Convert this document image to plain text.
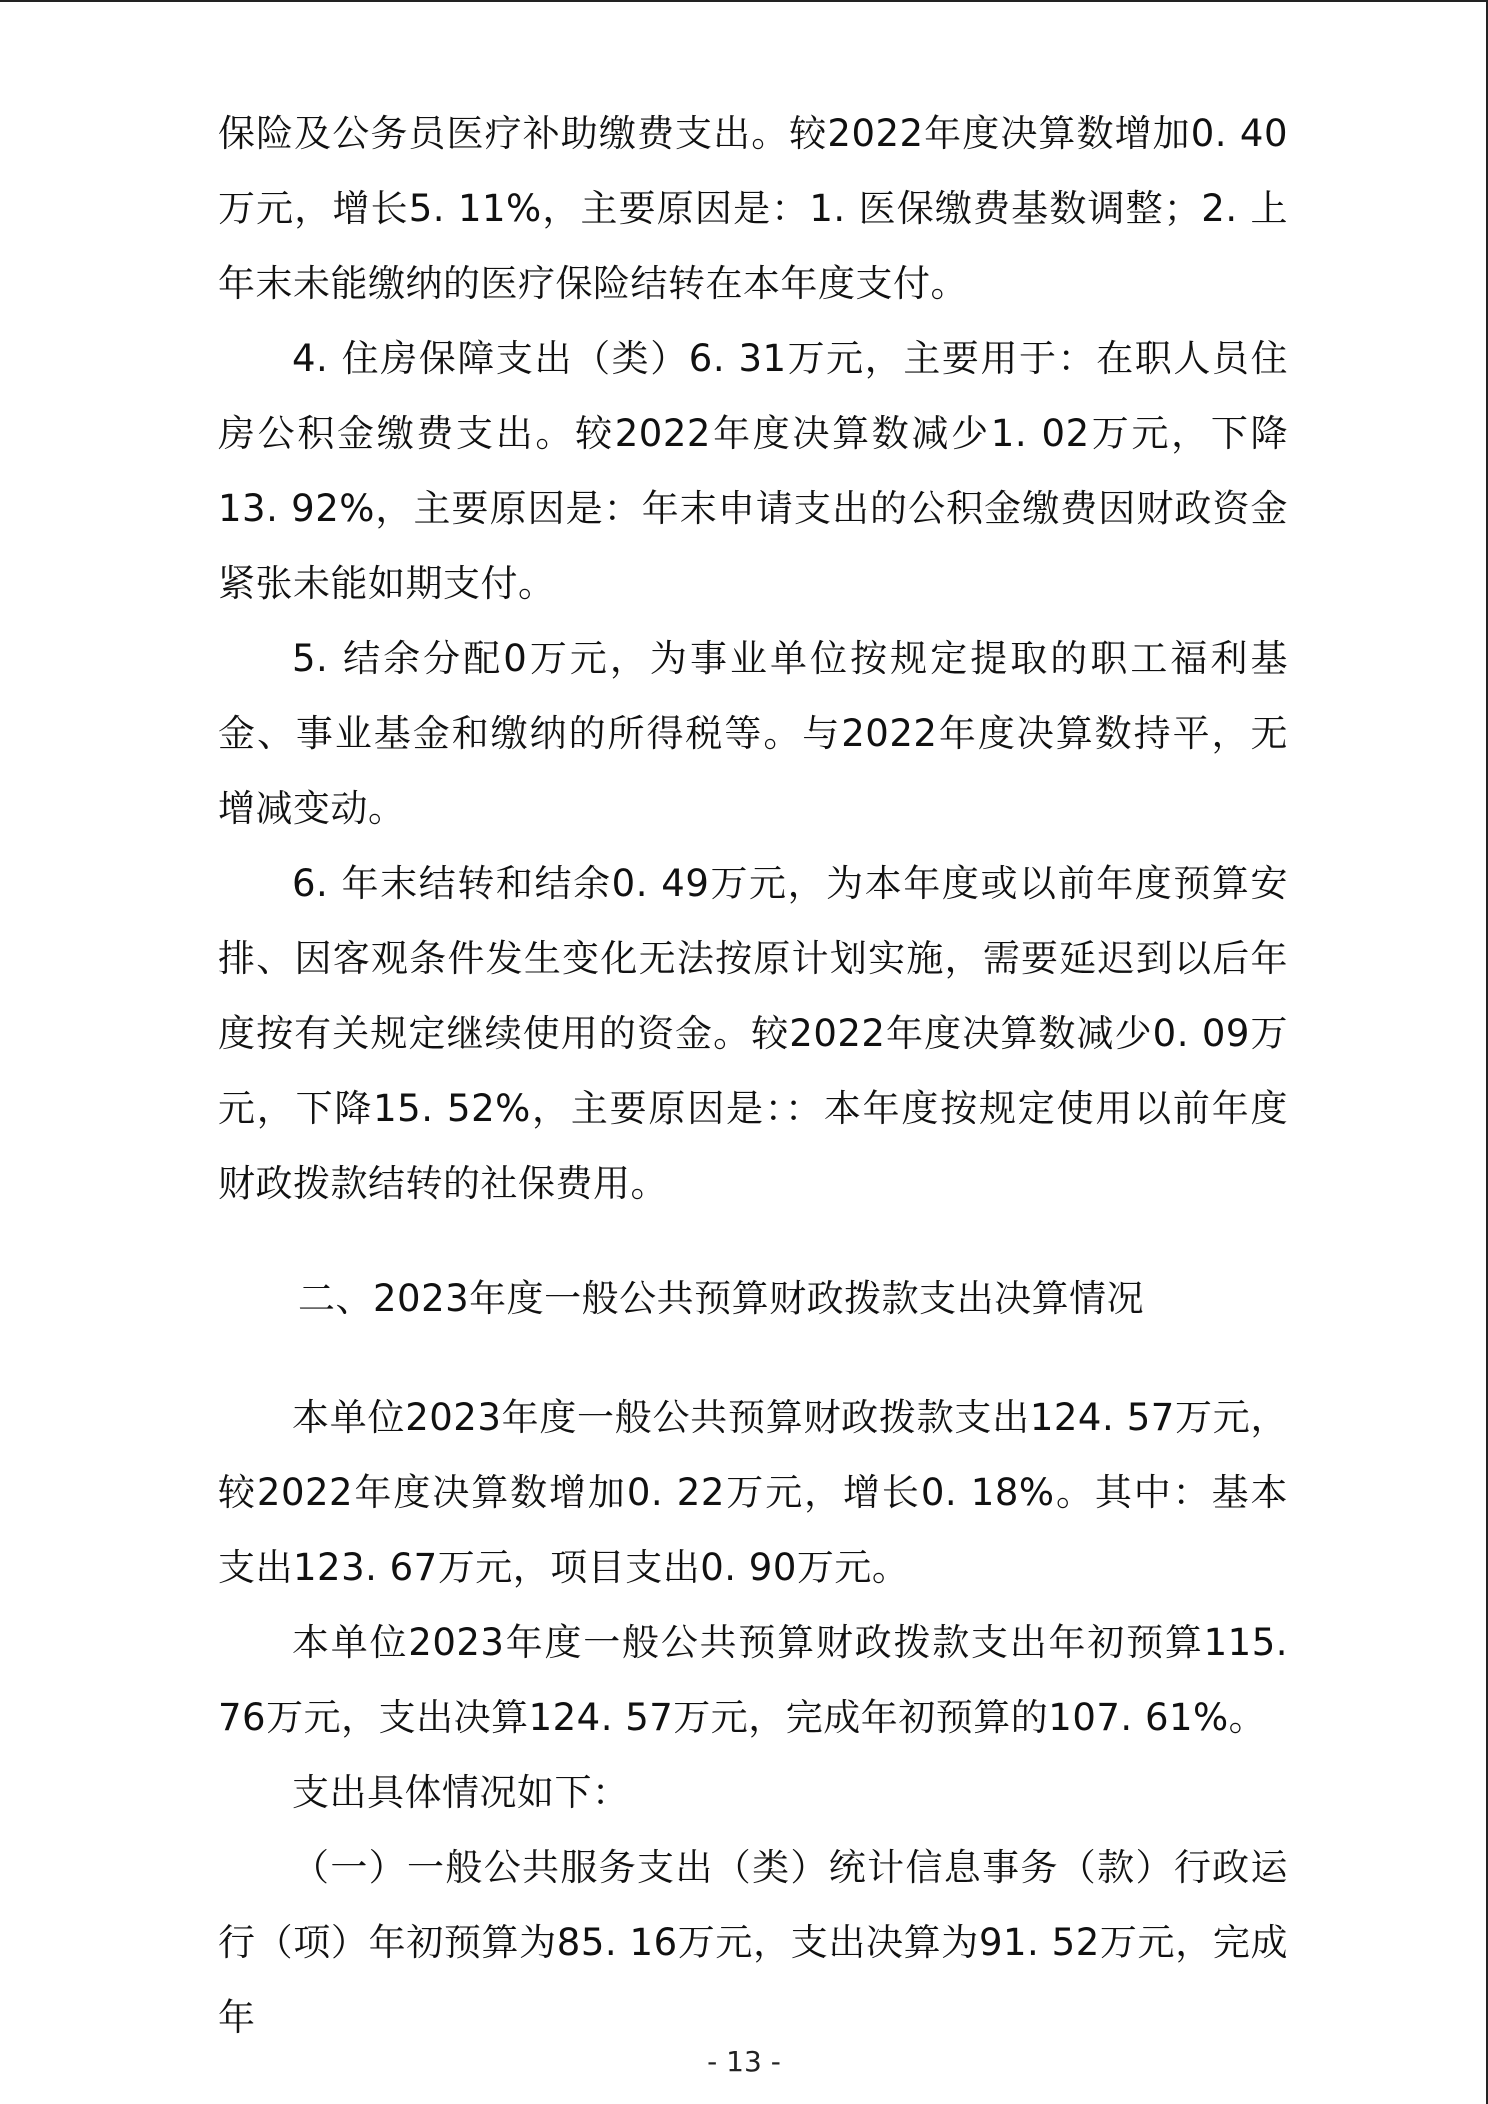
保险及公务员医疗补助缴费支出。较2022年度决算数增加0. 40万元，增长5. 11%，主要原因是：1. 医保缴费基数调整；2. 上年末未能缴纳的医疗保险结转在本年度支付。

4. 住房保障支出（类）6. 31万元，主要用于：在职人员住房公积金缴费支出。较2022年度决算数减少1. 02万元，下降13. 92%，主要原因是：年末申请支出的公积金缴费因财政资金紧张未能如期支付。

5. 结余分配0万元，为事业单位按规定提取的职工福利基金、事业基金和缴纳的所得税等。与2022年度决算数持平，无增减变动。

6. 年末结转和结余0. 49万元，为本年度或以前年度预算安排、因客观条件发生变化无法按原计划实施，需要延迟到以后年度按有关规定继续使用的资金。较2022年度决算数减少0. 09万元，下降15. 52%，主要原因是：：本年度按规定使用以前年度财政拨款结转的社保费用。

二、2023年度一般公共预算财政拨款支出决算情况

本单位2023年度一般公共预算财政拨款支出124. 57万元，较2022年度决算数增加0. 22万元，增长0. 18%。其中：基本支出123. 67万元，项目支出0. 90万元。

本单位2023年度一般公共预算财政拨款支出年初预算115. 76万元，支出决算124. 57万元，完成年初预算的107. 61%。

支出具体情况如下：

（一）一般公共服务支出（类）统计信息事务（款）行政运行（项）年初预算为85. 16万元，支出决算为91. 52万元，完成年

- 13 -
